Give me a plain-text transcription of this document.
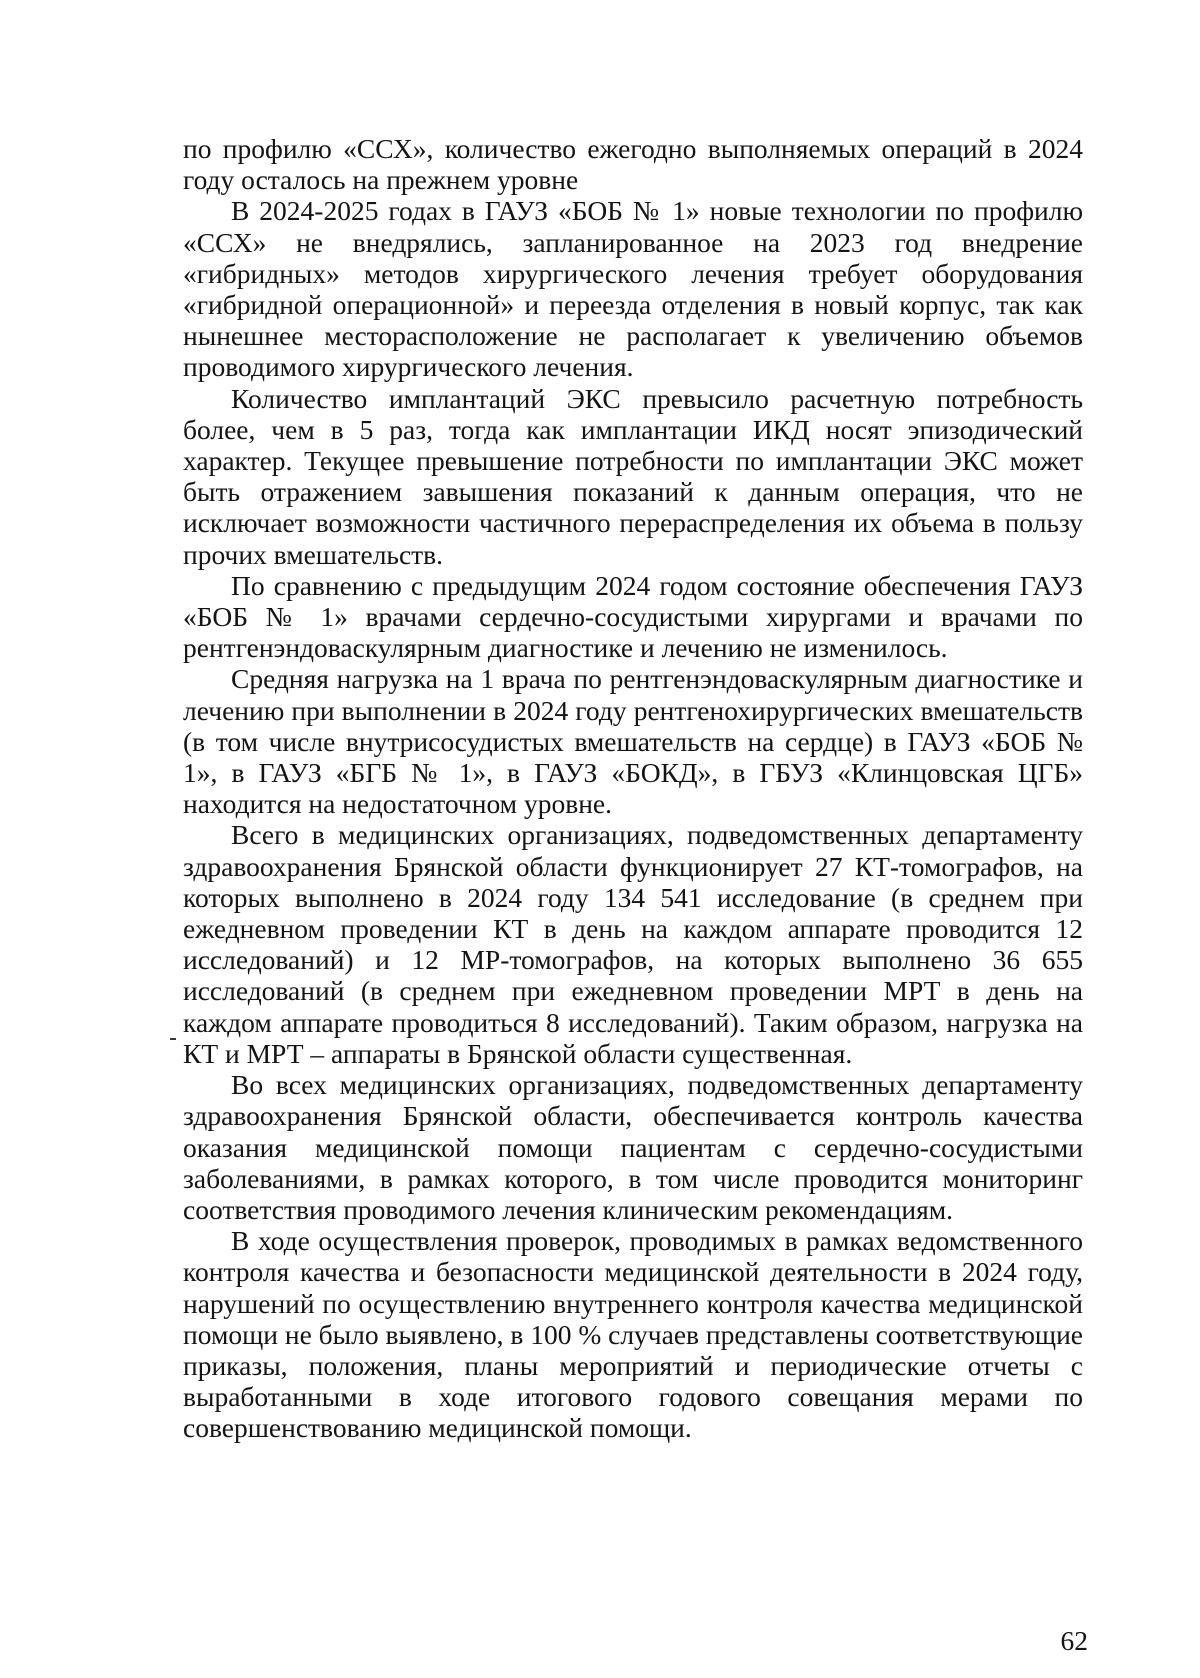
по профилю «ССХ», количество ежегодно выполняемых операций в 2024 году осталось на прежнем уровне

В 2024-2025 годах в ГАУЗ «БОБ № 1» новые технологии по профилю «ССХ» не внедрялись, запланированное на 2023 год внедрение «гибридных» методов хирургического лечения требует оборудования «гибридной операционной» и переезда отделения в новый корпус, так как нынешнее месторасположение не располагает к увеличению объемов проводимого хирургического лечения.

Количество имплантаций ЭКС превысило расчетную потребность более, чем в 5 раз, тогда как имплантации ИКД носят эпизодический характер. Текущее превышение потребности по имплантации ЭКС может быть отражением завышения показаний к данным операция, что не исключает возможности частичного перераспределения их объема в пользу прочих вмешательств.

По сравнению с предыдущим 2024 годом состояние обеспечения ГАУЗ «БОБ № 1» врачами сердечно-сосудистыми хирургами и врачами по рентгенэндоваскулярным диагностике и лечению не изменилось.

Средняя нагрузка на 1 врача по рентгенэндоваскулярным диагностике и лечению при выполнении в 2024 году рентгенохирургических вмешательств (в том числе внутрисосудистых вмешательств на сердце) в ГАУЗ «БОБ № 1», в ГАУЗ «БГБ № 1», в ГАУЗ «БОКД», в ГБУЗ «Клинцовская ЦГБ» находится на недостаточном уровне.

Всего в медицинских организациях, подведомственных департаменту здравоохранения Брянской области функционирует 27 КТ-томографов, на которых выполнено в 2024 году 134 541 исследование (в среднем при ежедневном проведении КТ в день на каждом аппарате проводится 12 исследований) и 12 МР-томографов, на которых выполнено 36 655 исследований (в среднем при ежедневном проведении МРТ в день на каждом аппарате проводиться 8 исследований). Таким образом, нагрузка на КТ и МРТ – аппараты в Брянской области существенная.

Во всех медицинских организациях, подведомственных департаменту здравоохранения Брянской области, обеспечивается контроль качества оказания медицинской помощи пациентам с сердечно-сосудистыми заболеваниями, в рамках которого, в том числе проводится мониторинг соответствия проводимого лечения клиническим рекомендациям.

В ходе осуществления проверок, проводимых в рамках ведомственного контроля качества и безопасности медицинской деятельности в 2024 году, нарушений по осуществлению внутреннего контроля качества медицинской помощи не было выявлено, в 100 % случаев представлены соответствующие приказы, положения, планы мероприятий и периодические отчеты с выработанными в ходе итогового годового совещания мерами по совершенствованию медицинской помощи.

62
